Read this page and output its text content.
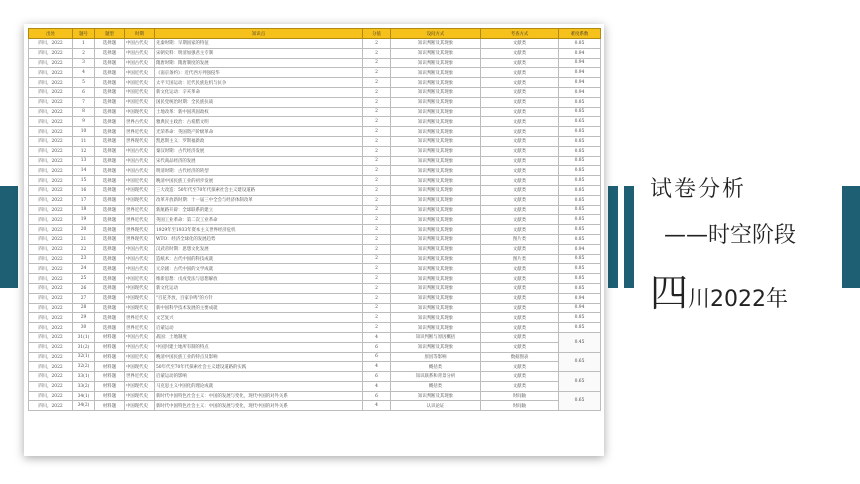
出处	题号	题型	时期	知识点	分值	设问方式	考查方式	难度系数
四川，2022	1	选择题	中国古代史	先秦时期：早期国家的特征	2	知识判断及其现象	文献类	0.85
四川，2022	2	选择题	中国古代史	宋朝史料：明清加强君主专制	2	知识判断及其现象	文献类	0.94
四川，2022	3	选择题	中国古代史	隋唐时期：隋唐制度的发展	2	知识判断及其现象	文献类	0.94
四川，2022	4	选择题	中国近代史	《南京条约》：近代西方列强侵华	2	知识判断及其现象	文献类	0.94
四川，2022	5	选择题	中国近代史	太平天国运动：近代民族危机与抗争	2	知识判断及其现象	文献类	0.94
四川，2022	6	选择题	中国近代史	新文化运动：辛亥革命	2	知识判断及其现象	文献类	0.94
四川，2022	7	选择题	中国近代史	国民党统治时期：全民族抗战	2	知识判断及其现象	文献类	0.85
四川，2022	8	选择题	中国现代史	土地改革：新中国巩固政权	2	知识判断及其现象	文献类	0.85
四川，2022	9	选择题	世界古代史	雅典民主政治：古希腊文明	2	知识判断及其现象	文献类	0.65
四川，2022	10	选择题	世界近代史	光荣革命：英国资产阶级革命	2	知识判断及其现象	文献类	0.85
四川，2022	11	选择题	世界现代史	凯恩斯主义：罗斯福新政	2	知识判断及其现象	文献类	0.85
四川，2022	12	选择题	中国古代史	秦汉时期：古代经济发展	2	知识判断及其现象	文献类	0.85
四川，2022	13	选择题	中国古代史	宋代商品经济的发展	2	知识判断及其现象	文献类	0.85
四川，2022	14	选择题	中国古代史	明清时期：古代经济的转型	2	知识判断及其现象	文献类	0.85
四川，2022	15	选择题	中国近代史	晚清中国民族工业的初步发展	2	知识判断及其现象	文献类	0.85
四川，2022	16	选择题	中国现代史	三大改造：50年代至70年代探索社会主义建设道路	2	知识判断及其现象	文献类	0.85
四川，2022	17	选择题	中国现代史	改革开放新时期：十一届三中全会与经济体制改革	2	知识判断及其现象	文献类	0.85
四川，2022	18	选择题	世界近代史	新航路开辟：全球联系的建立	2	知识判断及其现象	文献类	0.85
四川，2022	19	选择题	世界近代史	英国工业革命：第二次工业革命	2	知识判断及其现象	文献类	0.85
四川，2022	20	选择题	世界现代史	1929年至1933年资本主义世界经济危机	2	知识判断及其现象	文献类	0.85
四川，2022	21	选择题	世界现代史	WTO：经济全球化的发展趋势	2	知识判断及其现象	图片类	0.85
四川，2022	22	选择题	中国古代史	汉武帝时期：思想文化发展	2	知识判断及其现象	文献类	0.94
四川，2022	23	选择题	中国古代史	造纸术：古代中国的科技成就	2	知识判断及其现象	图片类	0.85
四川，2022	24	选择题	中国古代史	元杂剧：古代中国的文学成就	2	知识判断及其现象	文献类	0.85
四川，2022	25	选择题	中国近代史	维新思想：戊戌变法与思想解放	2	知识判断及其现象	文献类	0.85
四川，2022	26	选择题	中国现代史	新文化运动	2	知识判断及其现象	文献类	0.85
四川，2022	27	选择题	中国现代史	"百花齐放，百家争鸣"的方针	2	知识判断及其现象	文献类	0.94
四川，2022	28	选择题	中国现代史	新中国科学技术发展的主要成就	2	知识判断及其现象	文献类	0.94
四川，2022	29	选择题	世界近代史	文艺复兴	2	知识判断及其现象	文献类	0.85
四川，2022	30	选择题	世界近代史	启蒙运动	2	知识判断及其现象	文献类	0.85
四川，2022	31(1)	材料题	中国古代史	战国：土地制度	4	知识判断与原因概括	文献类	0.45
四川，2022	31(2)	材料题	中国古代史	中国封建土地所有制的特点	6	知识判断及其现象	文献类	
四川，2022	32(1)	材料题	中国近代史	晚清中国民族工业的特点及影响	6	原因等影响	数据图表	0.65
四川，2022	32(2)	材料题	中国现代史	50年代至70年代探索社会主义建设道路的实践	4	概括类	文献类	
四川，2022	33(1)	材料题	世界近代史	启蒙运动的影响	6	知识联系和背景分析	文献类	0.65
四川，2022	33(2)	材料题	中国现代史	马克思主义中国化的理论成就	4	概括类	文献类	
四川，2022	34(1)	材料题	中国现代史	新时代中国特色社会主义：中国的发展与变化，现代中国的对外关系	6	知识判断及其现象	时间轴	0.65
四川，2022	34(2)	材料题	中国现代史	新时代中国特色社会主义：中国的发展与变化，现代中国的对外关系	4	认识论证	时间轴	

试卷分析

——时空阶段

四川2022年
